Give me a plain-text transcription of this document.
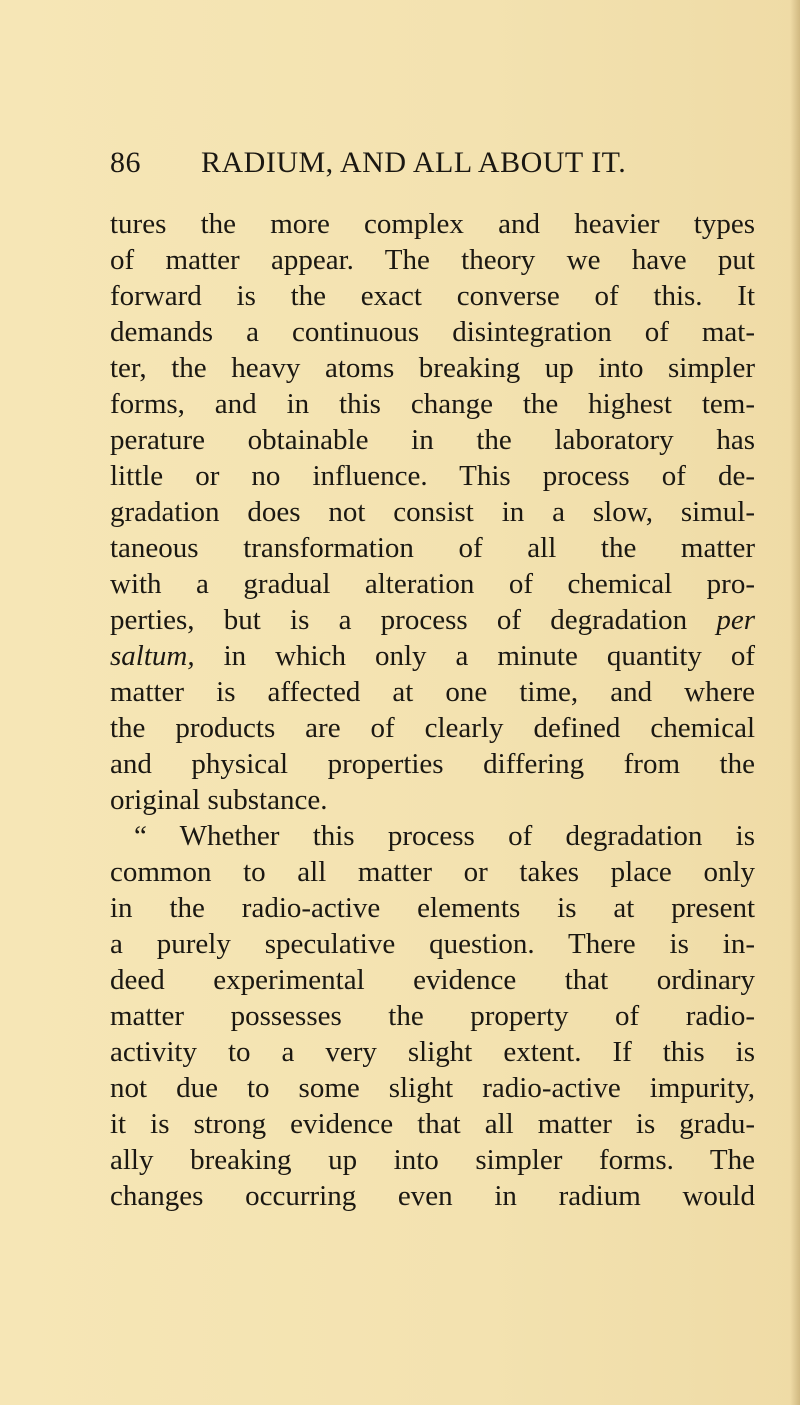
86 RADIUM, AND ALL ABOUT IT.
tures the more complex and heavier types
of matter appear. The theory we have put
forward is the exact converse of this. It
demands a continuous disintegration of mat-
ter, the heavy atoms breaking up into simpler
forms, and in this change the highest tem-
perature obtainable in the laboratory has
little or no influence. This process of de-
gradation does not consist in a slow, simul-
taneous transformation of all the matter
with a gradual alteration of chemical pro-
perties, but is a process of degradation per
saltum, in which only a minute quantity of
matter is affected at one time, and where
the products are of clearly defined chemical
and physical properties differing from the
original substance.
“ Whether this process of degradation is
common to all matter or takes place only
in the radio-active elements is at present
a purely speculative question. There is in-
deed experimental evidence that ordinary
matter possesses the property of radio-
activity to a very slight extent. If this is
not due to some slight radio-active impurity,
it is strong evidence that all matter is gradu-
ally breaking up into simpler forms. The
changes occurring even in radium would
